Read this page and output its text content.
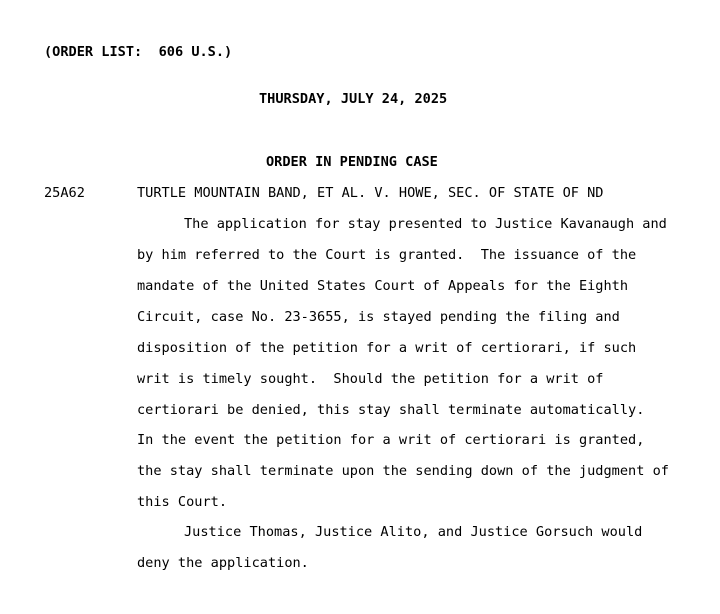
(ORDER LIST:  606 U.S.)
THURSDAY, JULY 24, 2025
ORDER IN PENDING CASE
25A62	TURTLE MOUNTAIN BAND, ET AL. V. HOWE, SEC. OF STATE OF ND
The application for stay presented to Justice Kavanaugh and
by him referred to the Court is granted.  The issuance of the
mandate of the United States Court of Appeals for the Eighth
Circuit, case No. 23-3655, is stayed pending the filing and
disposition of the petition for a writ of certiorari, if such
writ is timely sought.  Should the petition for a writ of
certiorari be denied, this stay shall terminate automatically.
In the event the petition for a writ of certiorari is granted,
the stay shall terminate upon the sending down of the judgment of
this Court.
Justice Thomas, Justice Alito, and Justice Gorsuch would
deny the application.
